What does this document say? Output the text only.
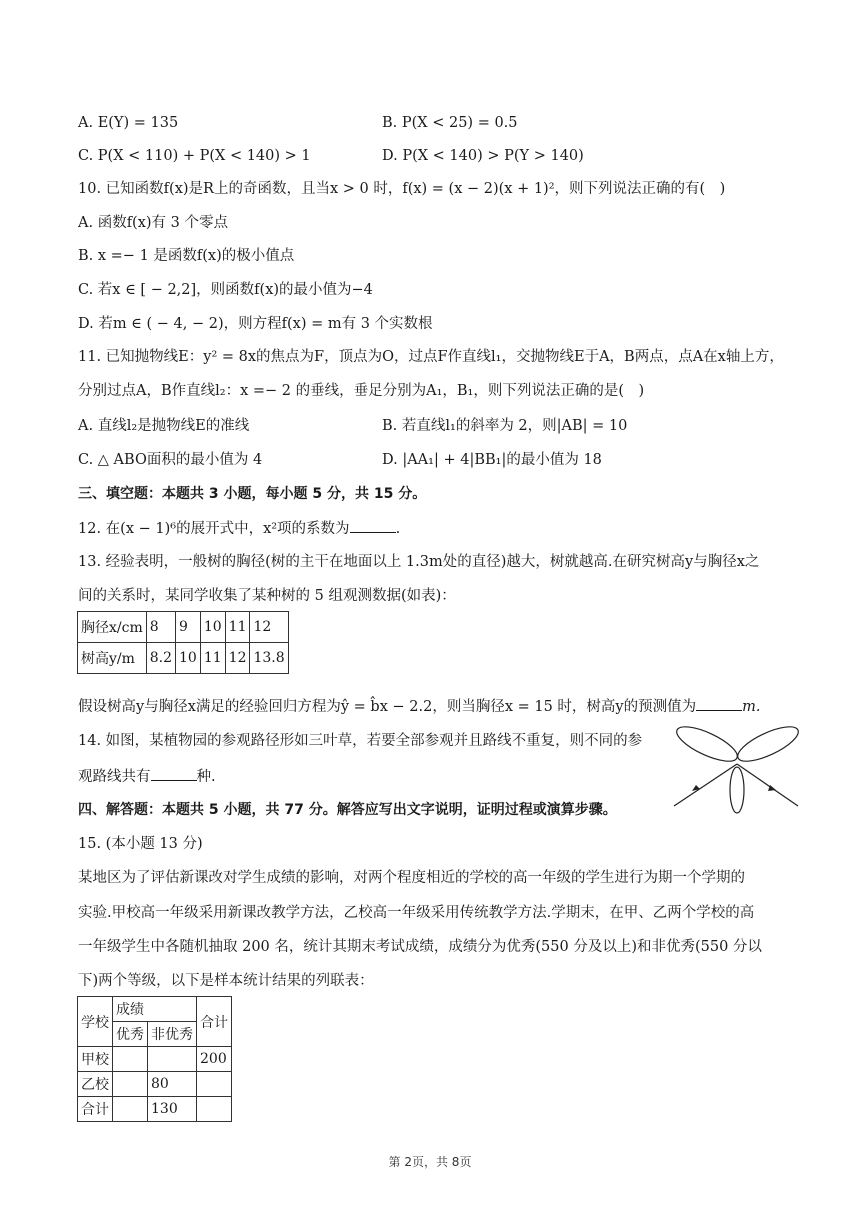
A. E(Y) = 135	B. P(X < 25) = 0.5
C. P(X < 110) + P(X < 140) > 1	D. P(X < 140) > P(Y > 140)
10. 已知函数f(x)是R上的奇函数，且当x > 0 时，f(x) = (x − 2)(x + 1)²，则下列说法正确的有(　)
A. 函数f(x)有 3 个零点
B. x =− 1 是函数f(x)的极小值点
C. 若x ∈ [ − 2,2]，则函数f(x)的最小值为−4
D. 若m ∈ ( − 4, − 2)，则方程f(x) = m有 3 个实数根
11. 已知抛物线E：y² = 8x的焦点为F，顶点为O，过点F作直线l₁，交抛物线E于A，B两点，点A在x轴上方，
分别过点A，B作直线l₂：x =− 2 的垂线，垂足分别为A₁，B₁，则下列说法正确的是(　)
A. 直线l₂是抛物线E的准线	B. 若直线l₁的斜率为 2，则|AB| = 10
C. △ ABO面积的最小值为 4	D. |AA₁| + 4|BB₁|的最小值为 18
三、填空题：本题共 3 小题，每小题 5 分，共 15 分。
12. 在(x − 1)⁶的展开式中，x²项的系数为	.
13. 经验表明，一般树的胸径(树的主干在地面以上 1.3m处的直径)越大，树就越高.在研究树高y与胸径x之
间的关系时，某同学收集了某种树的 5 组观测数据(如表)：
胸径x/cm	8	9	10	11	12
树高y/m	8.2	10	11	12	13.8
假设树高y与胸径x满足的经验回归方程为ŷ = b̂x − 2.2，则当胸径x = 15 时，树高y的预测值为	m.
14. 如图，某植物园的参观路径形如三叶草，若要全部参观并且路线不重复，则不同的参
观路线共有	种.
四、解答题：本题共 5 小题，共 77 分。解答应写出文字说明，证明过程或演算步骤。
15. (本小题 13 分)
某地区为了评估新课改对学生成绩的影响，对两个程度相近的学校的高一年级的学生进行为期一个学期的
实验.甲校高一年级采用新课改教学方法，乙校高一年级采用传统教学方法.学期末，在甲、乙两个学校的高
一年级学生中各随机抽取 200 名，统计其期末考试成绩，成绩分为优秀(550 分及以上)和非优秀(550 分以
下)两个等级，以下是样本统计结果的列联表：
学校	成绩		合计
	优秀	非优秀	
甲校			200
乙校		80	
合计		130	
第 2页，共 8页
